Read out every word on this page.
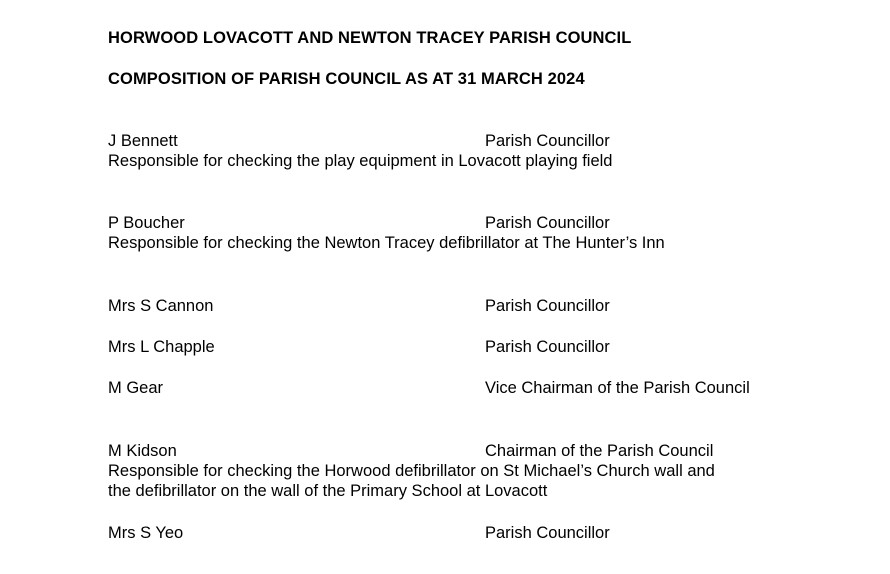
HORWOOD LOVACOTT AND NEWTON TRACEY PARISH COUNCIL
COMPOSITION OF PARISH COUNCIL AS AT 31 MARCH 2024
J Bennett	Parish Councillor
Responsible for checking the play equipment in Lovacott playing field
P Boucher	Parish Councillor
Responsible for checking the Newton Tracey defibrillator at The Hunter’s Inn
Mrs S Cannon	Parish Councillor
Mrs L Chapple	Parish Councillor
M Gear	Vice Chairman of the Parish Council
M Kidson	Chairman of the Parish Council
Responsible for checking the Horwood defibrillator on St Michael’s Church wall and
the defibrillator on the wall of the Primary School at Lovacott
Mrs S Yeo	Parish Councillor
